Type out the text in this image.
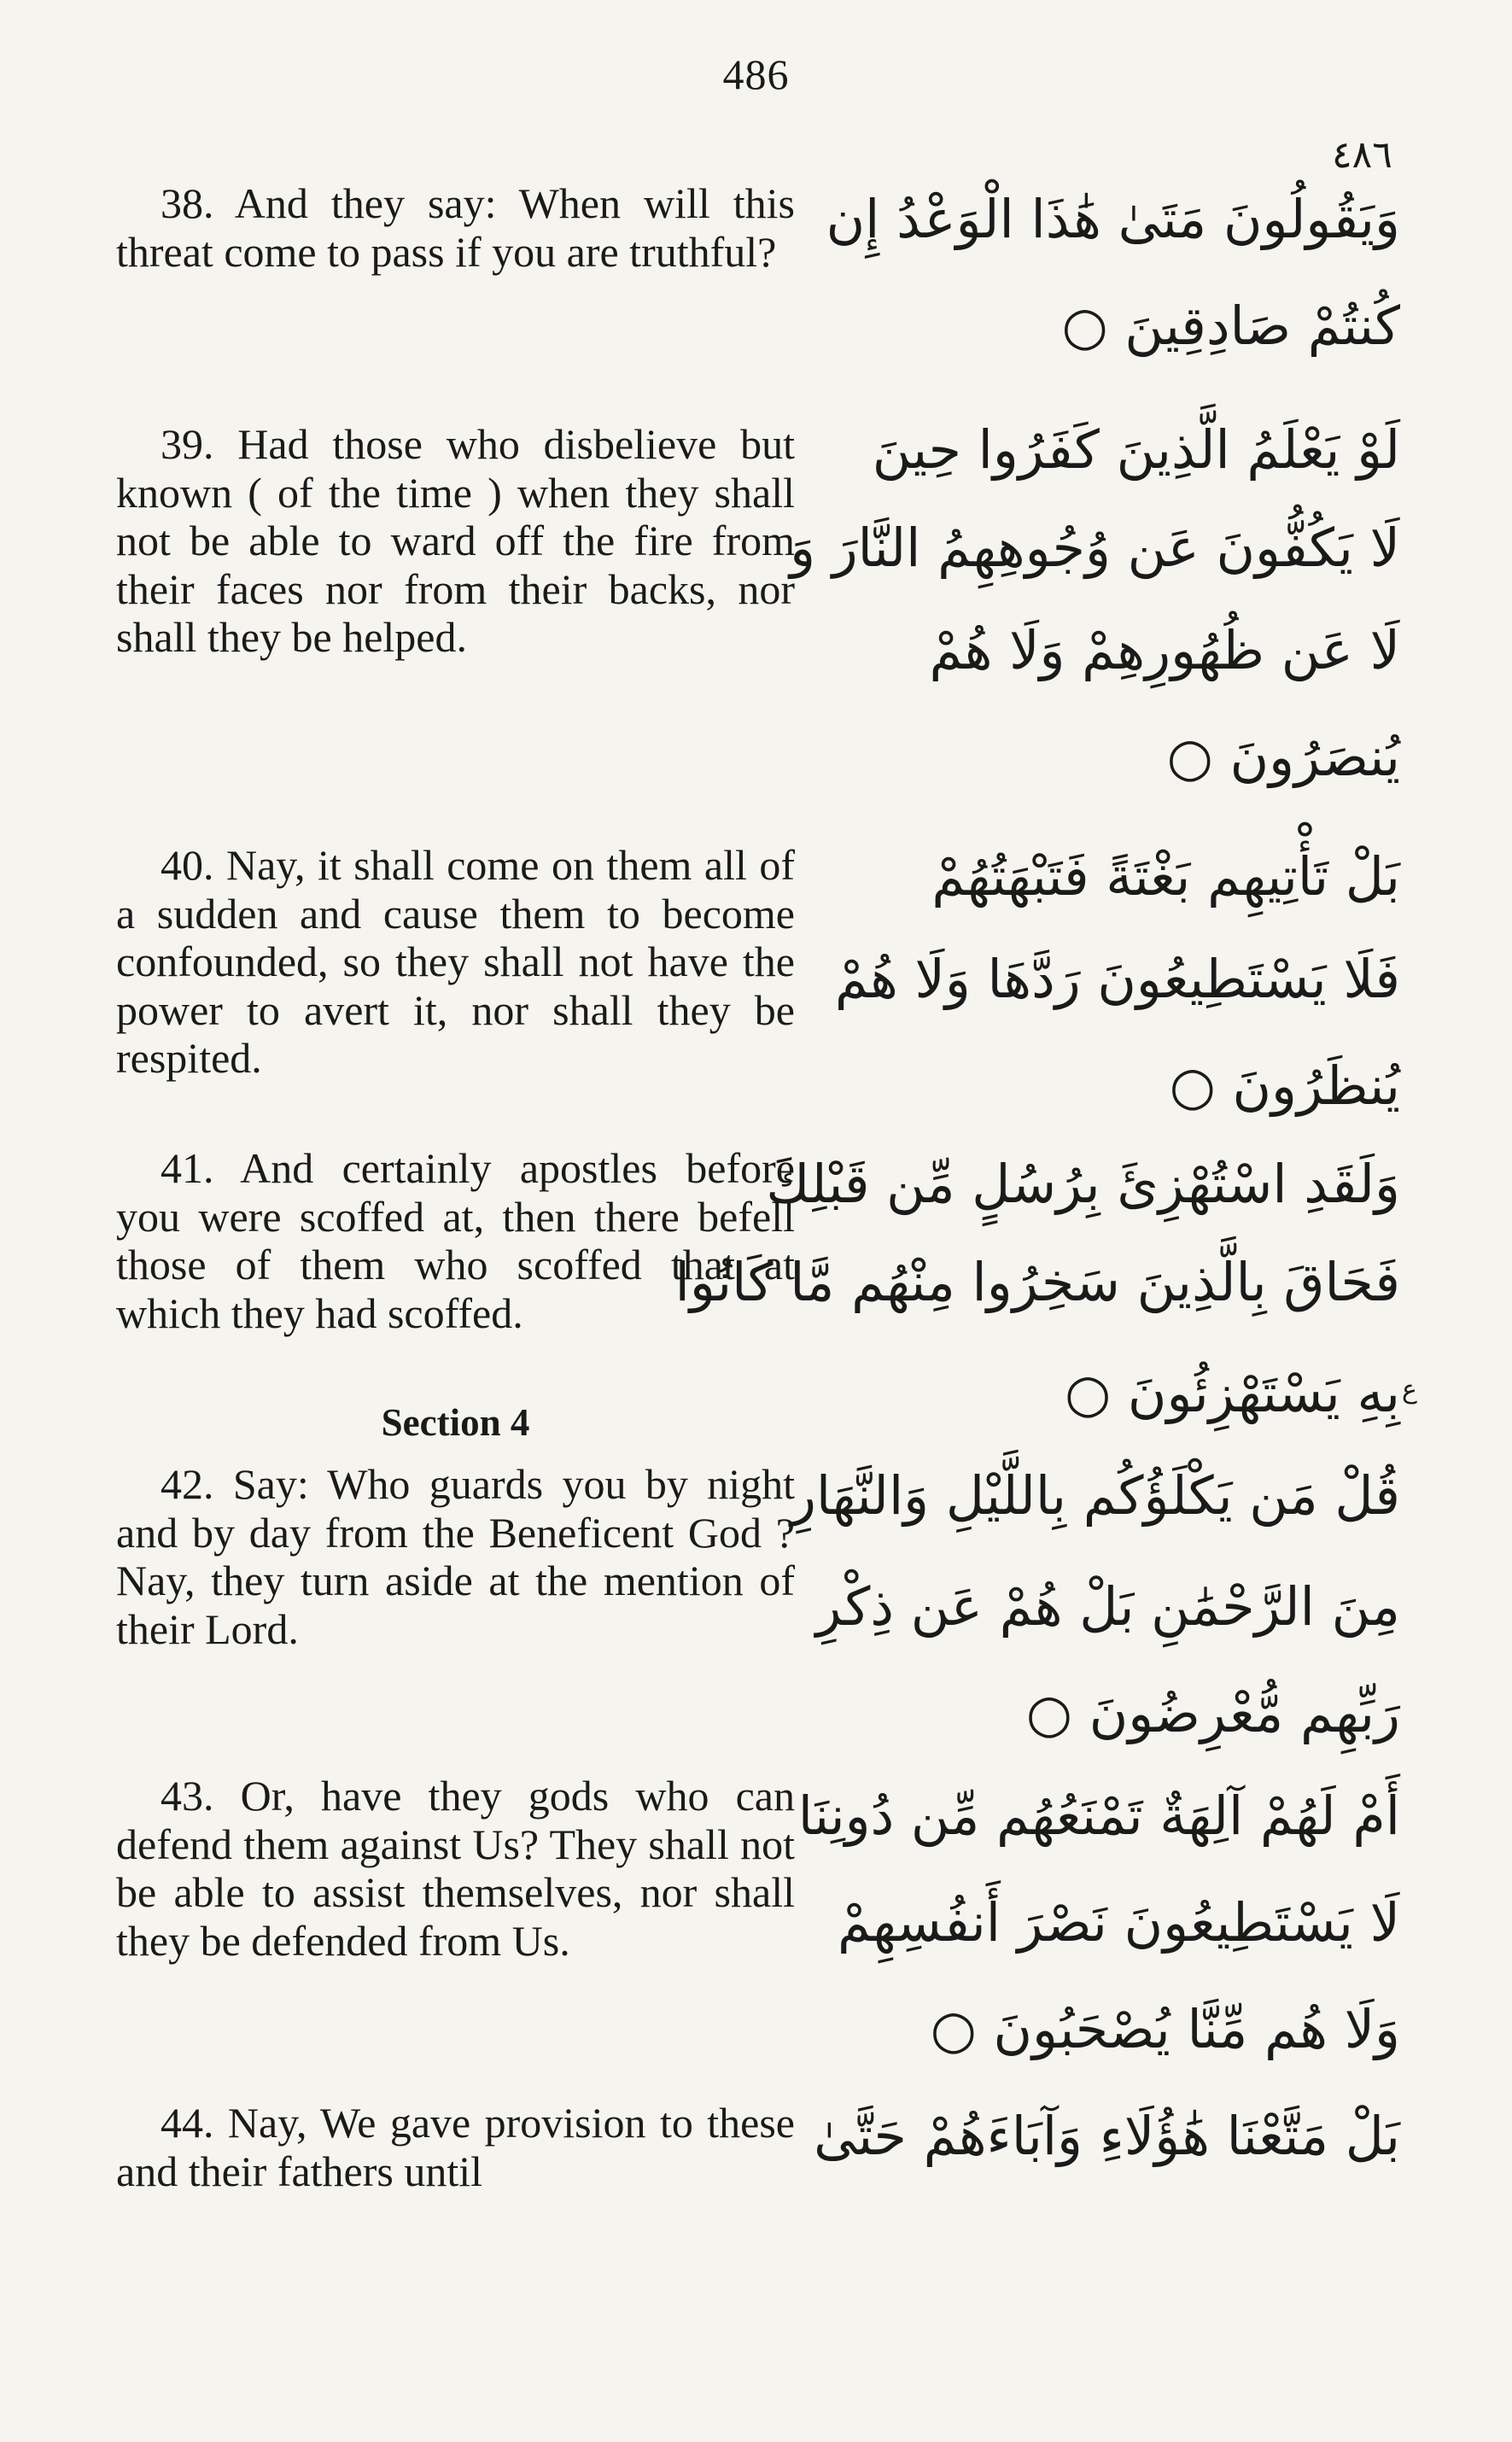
486
٤٨٦
38. And they say: When will this threat come to pass if you are truthful?
39. Had those who disbelieve but known ( of the time ) when they shall not be able to ward off the fire from their faces nor from their backs, nor shall they be helped.
40. Nay, it shall come on them all of a sudden and cause them to become confounded, so they shall not have the power to avert it, nor shall they be respited.
41. And certainly apostles before you were scoffed at, then there befell those of them who scoffed that at which they had scoffed.
Section 4
42. Say: Who guards you by night and by day from the Beneficent God ? Nay, they turn aside at the mention of their Lord.
43. Or, have they gods who can defend them against Us? They shall not be able to assist themselves, nor shall they be defended from Us.
44. Nay, We gave provision to these and their fathers until
وَيَقُولُونَ مَتَىٰ هَٰذَا الْوَعْدُ إِن
كُنتُمْ صَادِقِينَ ○
لَوْ يَعْلَمُ الَّذِينَ كَفَرُوا حِينَ
لَا يَكُفُّونَ عَن وُجُوهِهِمُ النَّارَ وَ
لَا عَن ظُهُورِهِمْ وَلَا هُمْ
يُنصَرُونَ ○
بَلْ تَأْتِيهِم بَغْتَةً فَتَبْهَتُهُمْ
فَلَا يَسْتَطِيعُونَ رَدَّهَا وَلَا هُمْ
يُنظَرُونَ ○
وَلَقَدِ اسْتُهْزِئَ بِرُسُلٍ مِّن قَبْلِكَ
فَحَاقَ بِالَّذِينَ سَخِرُوا مِنْهُم مَّا كَانُوا
بِهِ يَسْتَهْزِئُونَ ○
قُلْ مَن يَكْلَؤُكُم بِاللَّيْلِ وَالنَّهَارِ
مِنَ الرَّحْمَٰنِ بَلْ هُمْ عَن ذِكْرِ
رَبِّهِم مُّعْرِضُونَ ○
أَمْ لَهُمْ آلِهَةٌ تَمْنَعُهُم مِّن دُونِنَا
لَا يَسْتَطِيعُونَ نَصْرَ أَنفُسِهِمْ
وَلَا هُم مِّنَّا يُصْحَبُونَ ○
بَلْ مَتَّعْنَا هَٰؤُلَاءِ وَآبَاءَهُمْ حَتَّىٰ
ع
